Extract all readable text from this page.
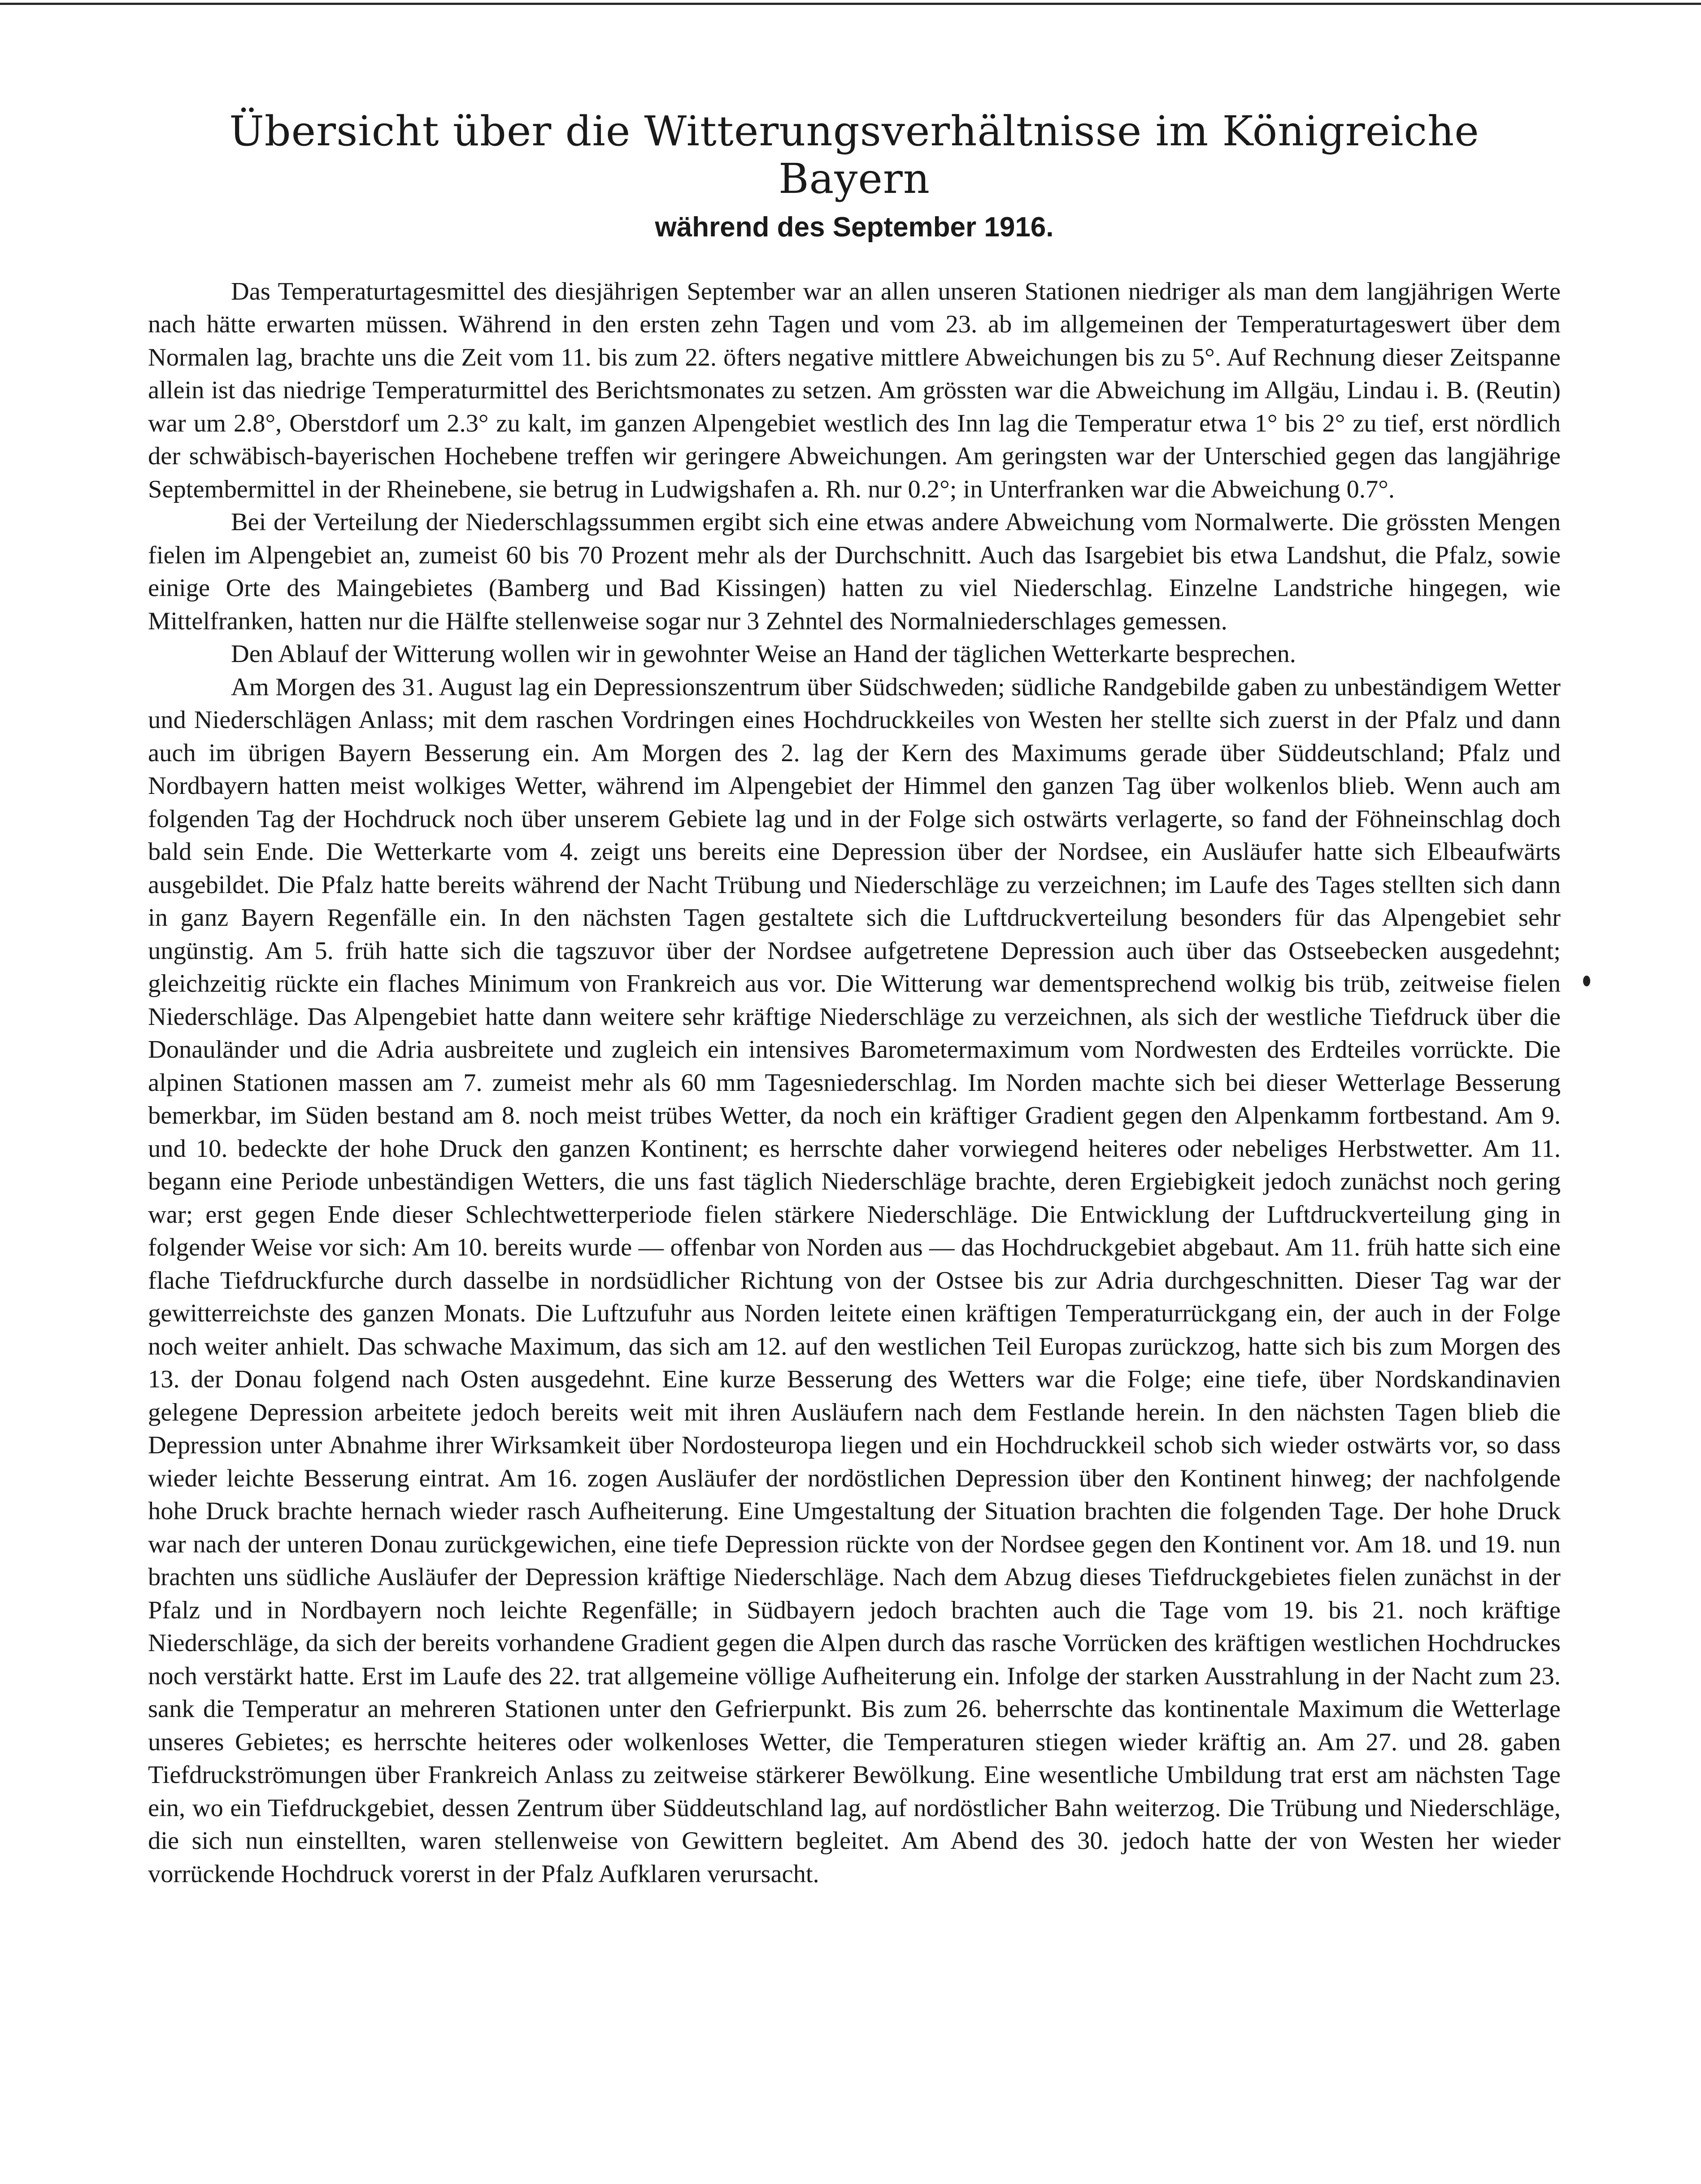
Übersicht über die Witterungsverhältnisse im Königreiche Bayern
während des September 1916.

Das Temperaturtagesmittel des diesjährigen September war an allen unseren Stationen niedriger als man dem langjährigen Werte nach hätte erwarten müssen. Während in den ersten zehn Tagen und vom 23. ab im allgemeinen der Temperaturtageswert über dem Normalen lag, brachte uns die Zeit vom 11. bis zum 22. öfters negative mittlere Abweichungen bis zu 5°. Auf Rechnung dieser Zeitspanne allein ist das niedrige Temperaturmittel des Berichtsmonates zu setzen. Am grössten war die Abweichung im Allgäu, Lindau i. B. (Reutin) war um 2.8°, Oberstdorf um 2.3° zu kalt, im ganzen Alpengebiet westlich des Inn lag die Temperatur etwa 1° bis 2° zu tief, erst nördlich der schwäbisch-bayerischen Hochebene treffen wir geringere Abweichungen. Am geringsten war der Unterschied gegen das langjährige Septembermittel in der Rheinebene, sie betrug in Ludwigshafen a. Rh. nur 0.2°; in Unterfranken war die Abweichung 0.7°.

Bei der Verteilung der Niederschlagssummen ergibt sich eine etwas andere Abweichung vom Normalwerte. Die grössten Mengen fielen im Alpengebiet an, zumeist 60 bis 70 Prozent mehr als der Durchschnitt. Auch das Isargebiet bis etwa Landshut, die Pfalz, sowie einige Orte des Maingebietes (Bamberg und Bad Kissingen) hatten zu viel Niederschlag. Einzelne Landstriche hingegen, wie Mittelfranken, hatten nur die Hälfte stellenweise sogar nur 3 Zehntel des Normalniederschlages gemessen.

Den Ablauf der Witterung wollen wir in gewohnter Weise an Hand der täglichen Wetterkarte besprechen.

Am Morgen des 31. August lag ein Depressionszentrum über Südschweden; südliche Randgebilde gaben zu unbeständigem Wetter und Niederschlägen Anlass; mit dem raschen Vordringen eines Hochdruckkeiles von Westen her stellte sich zuerst in der Pfalz und dann auch im übrigen Bayern Besserung ein. Am Morgen des 2. lag der Kern des Maximums gerade über Süddeutschland; Pfalz und Nordbayern hatten meist wolkiges Wetter, während im Alpengebiet der Himmel den ganzen Tag über wolkenlos blieb. Wenn auch am folgenden Tag der Hochdruck noch über unserem Gebiete lag und in der Folge sich ostwärts verlagerte, so fand der Föhneinschlag doch bald sein Ende. Die Wetterkarte vom 4. zeigt uns bereits eine Depression über der Nordsee, ein Ausläufer hatte sich Elbeaufwärts ausgebildet. Die Pfalz hatte bereits während der Nacht Trübung und Niederschläge zu verzeichnen; im Laufe des Tages stellten sich dann in ganz Bayern Regenfälle ein. In den nächsten Tagen gestaltete sich die Luftdruckverteilung besonders für das Alpengebiet sehr ungünstig. Am 5. früh hatte sich die tagszuvor über der Nordsee aufgetretene Depression auch über das Ostseebecken ausgedehnt; gleichzeitig rückte ein flaches Minimum von Frankreich aus vor. Die Witterung war dementsprechend wolkig bis trüb, zeitweise fielen Niederschläge. Das Alpengebiet hatte dann weitere sehr kräftige Niederschläge zu verzeichnen, als sich der westliche Tiefdruck über die Donauländer und die Adria ausbreitete und zugleich ein intensives Barometermaximum vom Nordwesten des Erdteiles vorrückte. Die alpinen Stationen massen am 7. zumeist mehr als 60 mm Tagesniederschlag. Im Norden machte sich bei dieser Wetterlage Besserung bemerkbar, im Süden bestand am 8. noch meist trübes Wetter, da noch ein kräftiger Gradient gegen den Alpenkamm fortbestand. Am 9. und 10. bedeckte der hohe Druck den ganzen Kontinent; es herrschte daher vorwiegend heiteres oder nebeliges Herbstwetter. Am 11. begann eine Periode unbeständigen Wetters, die uns fast täglich Niederschläge brachte, deren Ergiebigkeit jedoch zunächst noch gering war; erst gegen Ende dieser Schlechtwetterperiode fielen stärkere Niederschläge. Die Entwicklung der Luftdruckverteilung ging in folgender Weise vor sich: Am 10. bereits wurde — offenbar von Norden aus — das Hochdruckgebiet abgebaut. Am 11. früh hatte sich eine flache Tiefdruckfurche durch dasselbe in nordsüdlicher Richtung von der Ostsee bis zur Adria durchgeschnitten. Dieser Tag war der gewitterreichste des ganzen Monats. Die Luftzufuhr aus Norden leitete einen kräftigen Temperaturrückgang ein, der auch in der Folge noch weiter anhielt. Das schwache Maximum, das sich am 12. auf den westlichen Teil Europas zurückzog, hatte sich bis zum Morgen des 13. der Donau folgend nach Osten ausgedehnt. Eine kurze Besserung des Wetters war die Folge; eine tiefe, über Nordskandinavien gelegene Depression arbeitete jedoch bereits weit mit ihren Ausläufern nach dem Festlande herein. In den nächsten Tagen blieb die Depression unter Abnahme ihrer Wirksamkeit über Nordosteuropa liegen und ein Hochdruckkeil schob sich wieder ostwärts vor, so dass wieder leichte Besserung eintrat. Am 16. zogen Ausläufer der nordöstlichen Depression über den Kontinent hinweg; der nachfolgende hohe Druck brachte hernach wieder rasch Aufheiterung. Eine Umgestaltung der Situation brachten die folgenden Tage. Der hohe Druck war nach der unteren Donau zurückgewichen, eine tiefe Depression rückte von der Nordsee gegen den Kontinent vor. Am 18. und 19. nun brachten uns südliche Ausläufer der Depression kräftige Niederschläge. Nach dem Abzug dieses Tiefdruckgebietes fielen zunächst in der Pfalz und in Nordbayern noch leichte Regenfälle; in Südbayern jedoch brachten auch die Tage vom 19. bis 21. noch kräftige Niederschläge, da sich der bereits vorhandene Gradient gegen die Alpen durch das rasche Vorrücken des kräftigen westlichen Hochdruckes noch verstärkt hatte. Erst im Laufe des 22. trat allgemeine völlige Aufheiterung ein. Infolge der starken Ausstrahlung in der Nacht zum 23. sank die Temperatur an mehreren Stationen unter den Gefrierpunkt. Bis zum 26. beherrschte das kontinentale Maximum die Wetterlage unseres Gebietes; es herrschte heiteres oder wolkenloses Wetter, die Temperaturen stiegen wieder kräftig an. Am 27. und 28. gaben Tiefdruckströmungen über Frankreich Anlass zu zeitweise stärkerer Bewölkung. Eine wesentliche Umbildung trat erst am nächsten Tage ein, wo ein Tiefdruckgebiet, dessen Zentrum über Süddeutschland lag, auf nordöstlicher Bahn weiterzog. Die Trübung und Niederschläge, die sich nun einstellten, waren stellenweise von Gewittern begleitet. Am Abend des 30. jedoch hatte der von Westen her wieder vorrückende Hochdruck vorerst in der Pfalz Aufklaren verursacht.
